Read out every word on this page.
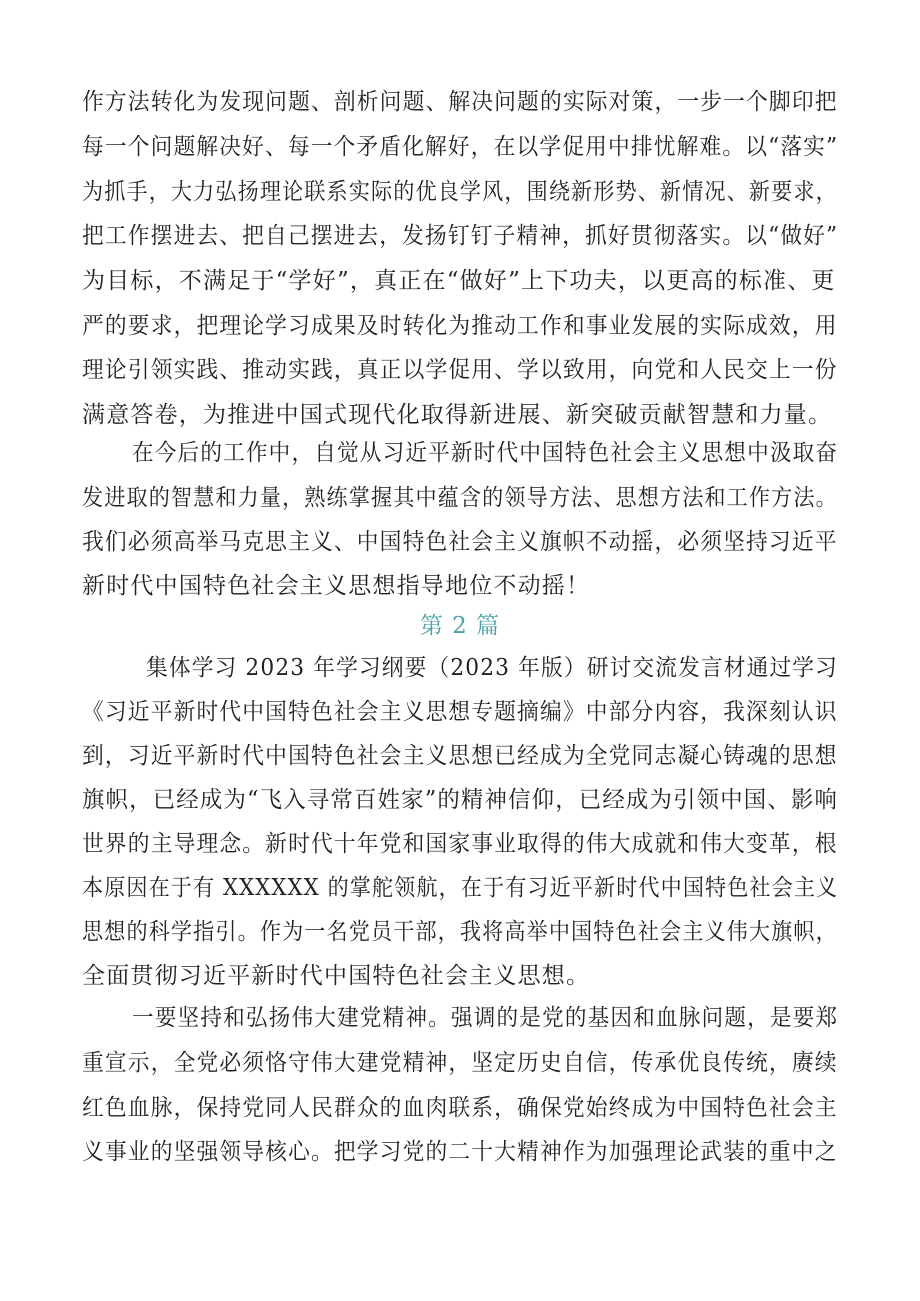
作方法转化为发现问题、剖析问题、解决问题的实际对策，一步一个脚印把
每一个问题解决好、每一个矛盾化解好，在以学促用中排忧解难。以“落实”
为抓手，大力弘扬理论联系实际的优良学风，围绕新形势、新情况、新要求，
把工作摆进去、把自己摆进去，发扬钉钉子精神，抓好贯彻落实。以“做好”
为目标，不满足于“学好”，真正在“做好”上下功夫，以更高的标准、更
严的要求，把理论学习成果及时转化为推动工作和事业发展的实际成效，用
理论引领实践、推动实践，真正以学促用、学以致用，向党和人民交上一份
满意答卷，为推进中国式现代化取得新进展、新突破贡献智慧和力量。
在今后的工作中，自觉从习近平新时代中国特色社会主义思想中汲取奋
发进取的智慧和力量，熟练掌握其中蕴含的领导方法、思想方法和工作方法。
我们必须高举马克思主义、中国特色社会主义旗帜不动摇，必须坚持习近平
新时代中国特色社会主义思想指导地位不动摇！
第 2 篇
集体学习 2023 年学习纲要（2023 年版）研讨交流发言材通过学习
《习近平新时代中国特色社会主义思想专题摘编》中部分内容，我深刻认识
到，习近平新时代中国特色社会主义思想已经成为全党同志凝心铸魂的思想
旗帜，已经成为“飞入寻常百姓家”的精神信仰，已经成为引领中国、影响
世界的主导理念。新时代十年党和国家事业取得的伟大成就和伟大变革，根
本原因在于有 XXXXXX 的掌舵领航，在于有习近平新时代中国特色社会主义
思想的科学指引。作为一名党员干部，我将高举中国特色社会主义伟大旗帜，
全面贯彻习近平新时代中国特色社会主义思想。
一要坚持和弘扬伟大建党精神。强调的是党的基因和血脉问题，是要郑
重宣示，全党必须恪守伟大建党精神，坚定历史自信，传承优良传统，赓续
红色血脉，保持党同人民群众的血肉联系，确保党始终成为中国特色社会主
义事业的坚强领导核心。把学习党的二十大精神作为加强理论武装的重中之
